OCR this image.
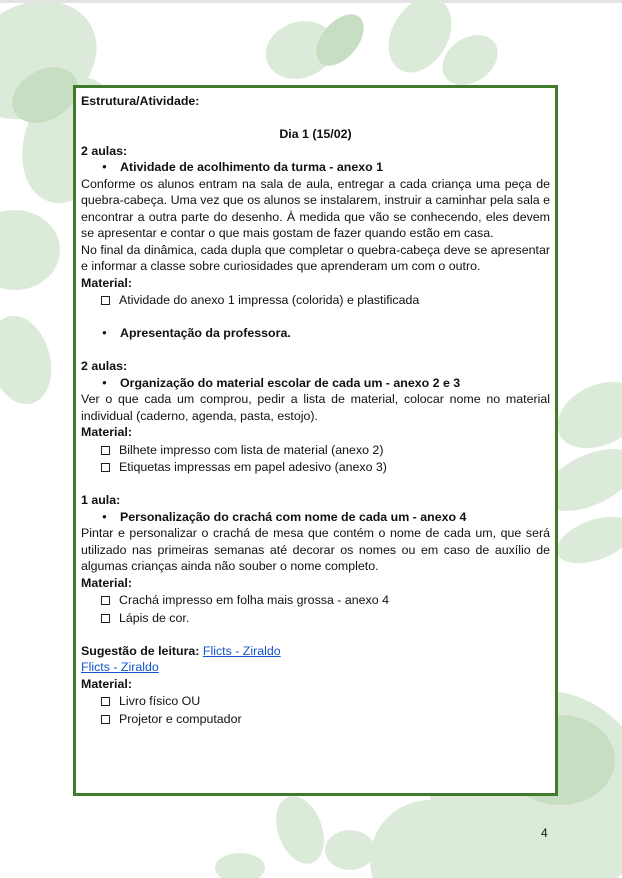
Estrutura/Atividade:
Dia 1 (15/02)
2 aulas:
● Atividade de acolhimento da turma - anexo 1
Conforme os alunos entram na sala de aula, entregar a cada criança uma peça de quebra-cabeça. Uma vez que os alunos se instalarem, instruir a caminhar pela sala e encontrar a outra parte do desenho. À medida que vão se conhecendo, eles devem se apresentar e contar o que mais gostam de fazer quando estão em casa.
No final da dinâmica, cada dupla que completar o quebra-cabeça deve se apresentar e informar a classe sobre curiosidades que aprenderam um com o outro.
Material:
Atividade do anexo 1 impressa (colorida) e plastificada
● Apresentação da professora.
2 aulas:
● Organização do material escolar de cada um - anexo 2 e 3
Ver o que cada um comprou, pedir a lista de material, colocar nome no material individual (caderno, agenda, pasta, estojo).
Material:
Bilhete impresso com lista de material (anexo 2)
Etiquetas impressas em papel adesivo (anexo 3)
1 aula:
● Personalização do crachá com nome de cada um - anexo 4
Pintar e personalizar o crachá de mesa que contém o nome de cada um, que será utilizado nas primeiras semanas até decorar os nomes ou em caso de auxílio de algumas crianças ainda não souber o nome completo.
Material:
Crachá impresso em folha mais grossa - anexo 4
Lápis de cor.
Sugestão de leitura: Flicts - Ziraldo
Flicts - Ziraldo
Material:
Livro físico OU
Projetor e computador
4
